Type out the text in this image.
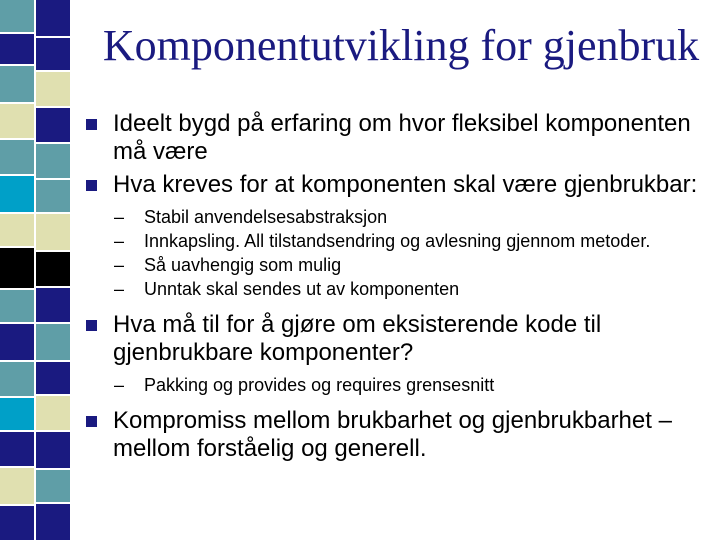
Komponentutvikling for gjenbruk
Ideelt bygd på erfaring om hvor fleksibel komponenten må være
Hva kreves for at komponenten skal være gjenbrukbar:
– Stabil anvendelsesabstraksjon
– Innkapsling. All tilstandsendring og avlesning gjennom metoder.
– Så uavhengig som mulig
– Unntak skal sendes ut av komponenten
Hva må til for å gjøre om eksisterende kode til gjenbrukbare komponenter?
– Pakking og provides og requires grensesnitt
Kompromiss mellom brukbarhet og gjenbrukbarhet – mellom forståelig og generell.
